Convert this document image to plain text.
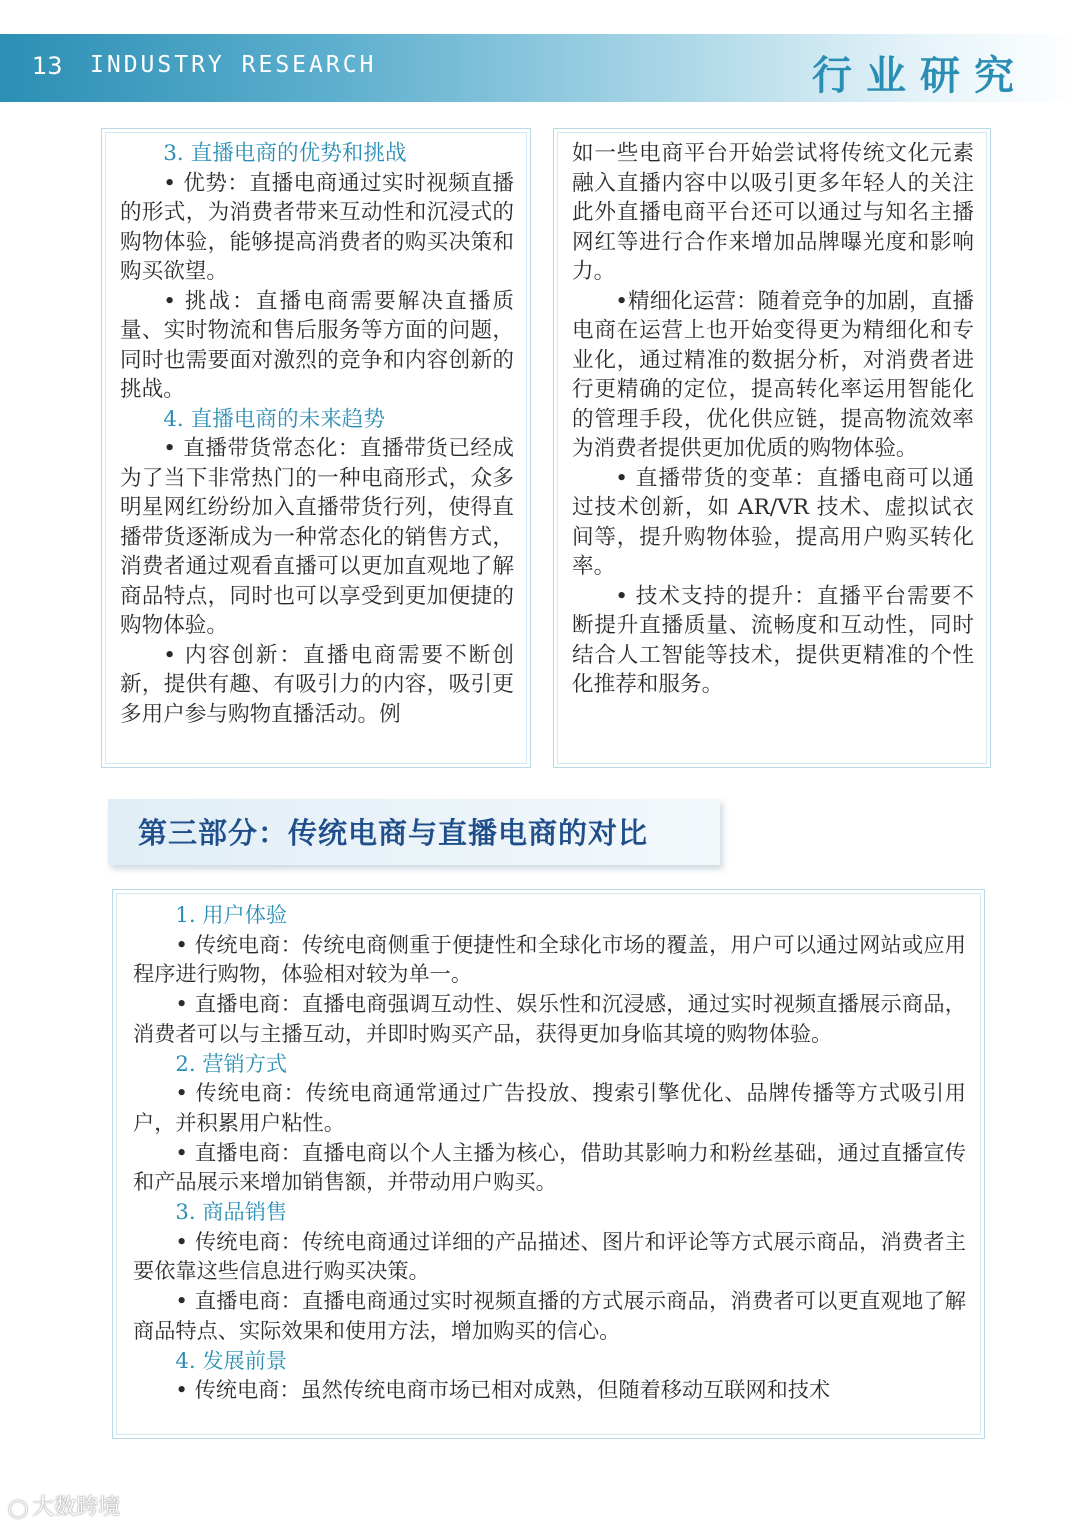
13 INDUSTRY RESEARCH	行业研究

3. 直播电商的优势和挑战

• 优势：直播电商通过实时视频直播的形式，为消费者带来互动性和沉浸式的购物体验，能够提高消费者的购买决策和购买欲望。

• 挑战：直播电商需要解决直播质量、实时物流和售后服务等方面的问题，同时也需要面对激烈的竞争和内容创新的挑战。

4. 直播电商的未来趋势

• 直播带货常态化：直播带货已经成为了当下非常热门的一种电商形式，众多明星网红纷纷加入直播带货行列，使得直播带货逐渐成为一种常态化的销售方式，消费者通过观看直播可以更加直观地了解商品特点，同时也可以享受到更加便捷的购物体验。

• 内容创新：直播电商需要不断创新，提供有趣、有吸引力的内容，吸引更多用户参与购物直播活动。例

如一些电商平台开始尝试将传统文化元素融入直播内容中以吸引更多年轻人的关注此外直播电商平台还可以通过与知名主播网红等进行合作来增加品牌曝光度和影响力。

•精细化运营：随着竞争的加剧，直播电商在运营上也开始变得更为精细化和专业化，通过精准的数据分析，对消费者进行更精确的定位，提高转化率运用智能化的管理手段，优化供应链，提高物流效率为消费者提供更加优质的购物体验。

• 直播带货的变革：直播电商可以通过技术创新，如 AR/VR 技术、虚拟试衣间等，提升购物体验，提高用户购买转化率。

• 技术支持的提升：直播平台需要不断提升直播质量、流畅度和互动性，同时结合人工智能等技术，提供更精准的个性化推荐和服务。

第三部分：传统电商与直播电商的对比

1. 用户体验

• 传统电商：传统电商侧重于便捷性和全球化市场的覆盖，用户可以通过网站或应用程序进行购物，体验相对较为单一。

• 直播电商：直播电商强调互动性、娱乐性和沉浸感，通过实时视频直播展示商品，消费者可以与主播互动，并即时购买产品，获得更加身临其境的购物体验。

2. 营销方式

• 传统电商：传统电商通常通过广告投放、搜索引擎优化、品牌传播等方式吸引用户，并积累用户粘性。

• 直播电商：直播电商以个人主播为核心，借助其影响力和粉丝基础，通过直播宣传和产品展示来增加销售额，并带动用户购买。

3. 商品销售

• 传统电商：传统电商通过详细的产品描述、图片和评论等方式展示商品，消费者主要依靠这些信息进行购买决策。

• 直播电商：直播电商通过实时视频直播的方式展示商品，消费者可以更直观地了解商品特点、实际效果和使用方法，增加购买的信心。

4. 发展前景

• 传统电商：虽然传统电商市场已相对成熟，但随着移动互联网和技术

◯ 大数跨境
